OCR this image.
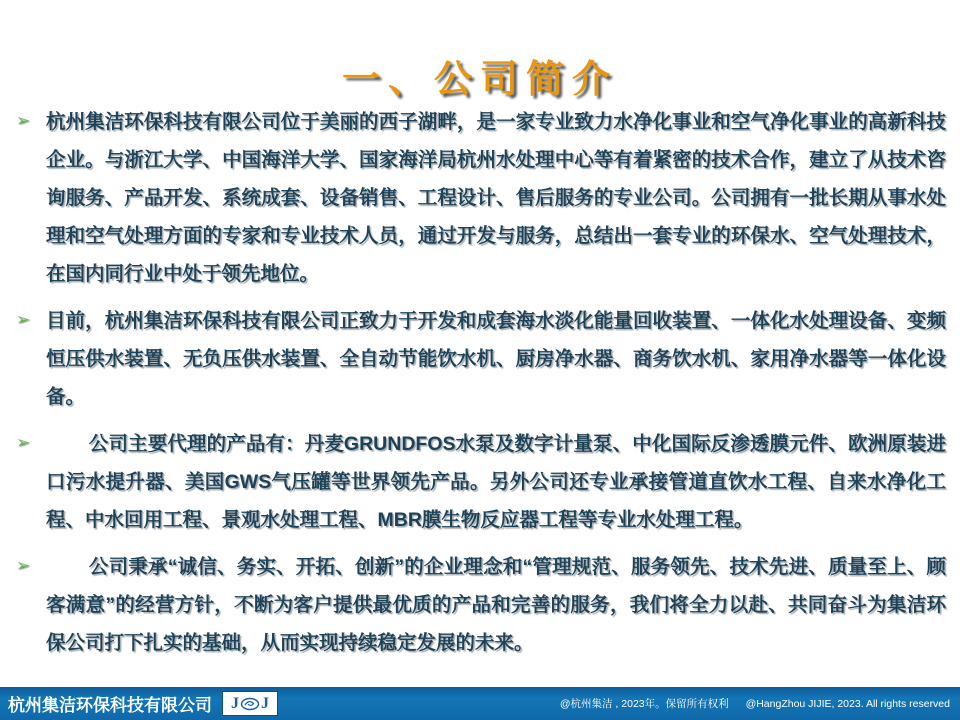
一、公司简介
➢ 杭州集洁环保科技有限公司位于美丽的西子湖畔，是一家专业致力水净化事业和空气净化事业的高新科技企业。与浙江大学、中国海洋大学、国家海洋局杭州水处理中心等有着紧密的技术合作，建立了从技术咨询服务、产品开发、系统成套、设备销售、工程设计、售后服务的专业公司。公司拥有一批长期从事水处理和空气处理方面的专家和专业技术人员，通过开发与服务，总结出一套专业的环保水、空气处理技术，在国内同行业中处于领先地位。
➢ 目前，杭州集洁环保科技有限公司正致力于开发和成套海水淡化能量回收装置、一体化水处理设备、变频恒压供水装置、无负压供水装置、全自动节能饮水机、厨房净水器、商务饮水机、家用净水器等一体化设备。
➢	公司主要代理的产品有：丹麦GRUNDFOS水泵及数字计量泵、中化国际反渗透膜元件、欧洲原装进口污水提升器、美国GWS气压罐等世界领先产品。另外公司还专业承接管道直饮水工程、自来水净化工程、中水回用工程、景观水处理工程、MBR膜生物反应器工程等专业水处理工程。
➢	公司秉承“诚信、务实、开拓、创新”的企业理念和“管理规范、服务领先、技术先进、质量至上、顾客满意”的经营方针，不断为客户提供最优质的产品和完善的服务，我们将全力以赴、共同奋斗为集洁环保公司打下扎实的基础，从而实现持续稳定发展的未来。
杭州集洁环保科技有限公司 J J	@杭州集洁 , 2023年。保留所有权利 @HangZhou JIJIE, 2023. All rights reserved
